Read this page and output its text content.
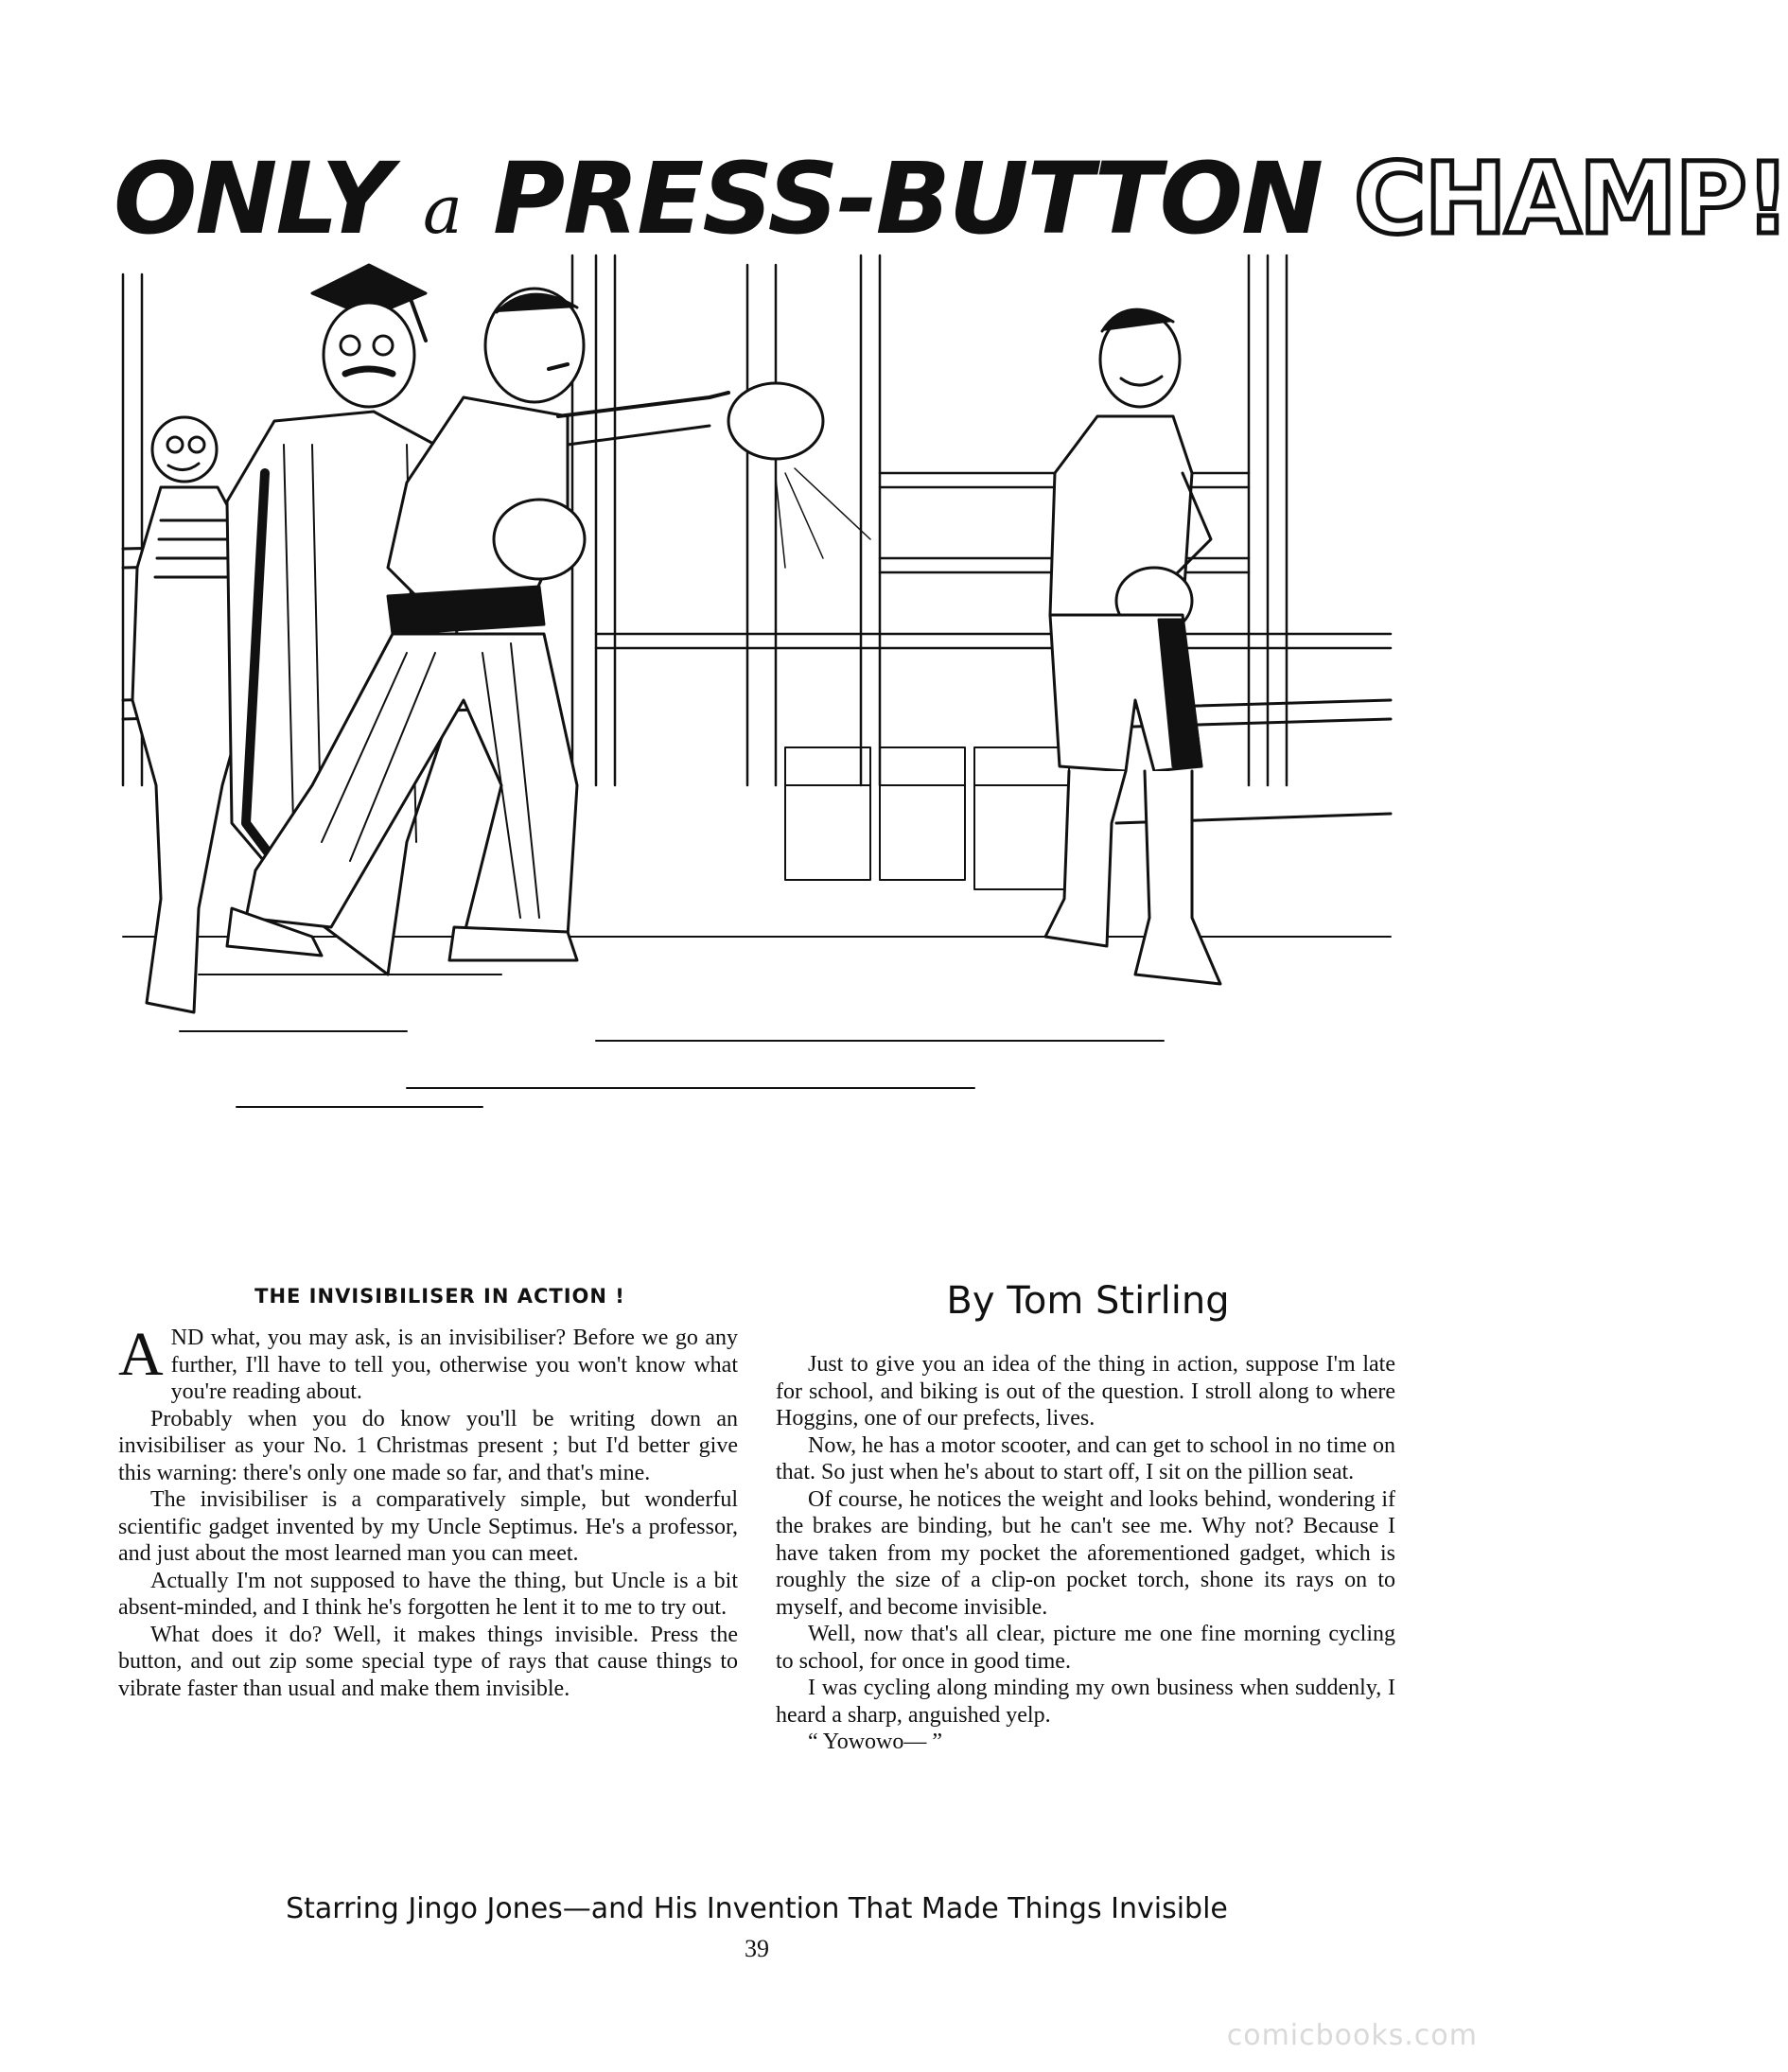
ONLY a PRESS-BUTTON CHAMP!
THE INVISIBILISER IN ACTION !	By Tom Stirling

AND what, you may ask, is an invisibiliser? Before we go any further, I'll have to tell you, otherwise you won't know what you're reading about.

Probably when you do know you'll be writing down an invisibiliser as your No. 1 Christmas present ; but I'd better give this warning: there's only one made so far, and that's mine.

The invisibiliser is a comparatively simple, but wonderful scientific gadget invented by my Uncle Septimus. He's a professor, and just about the most learned man you can meet.

Actually I'm not supposed to have the thing, but Uncle is a bit absent-minded, and I think he's forgotten he lent it to me to try out.

What does it do? Well, it makes things invisible. Press the button, and out zip some special type of rays that cause things to vibrate faster than usual and make them invisible.

Just to give you an idea of the thing in action, suppose I'm late for school, and biking is out of the question. I stroll along to where Hoggins, one of our prefects, lives.

Now, he has a motor scooter, and can get to school in no time on that. So just when he's about to start off, I sit on the pillion seat.

Of course, he notices the weight and looks behind, wondering if the brakes are binding, but he can't see me. Why not? Because I have taken from my pocket the aforementioned gadget, which is roughly the size of a clip-on pocket torch, shone its rays on to myself, and become invisible.

Well, now that's all clear, picture me one fine morning cycling to school, for once in good time.

I was cycling along minding my own business when suddenly, I heard a sharp, anguished yelp.

“ Yowowo— ”

Starring Jingo Jones—and His Invention That Made Things Invisible
39
comicbooks.com
